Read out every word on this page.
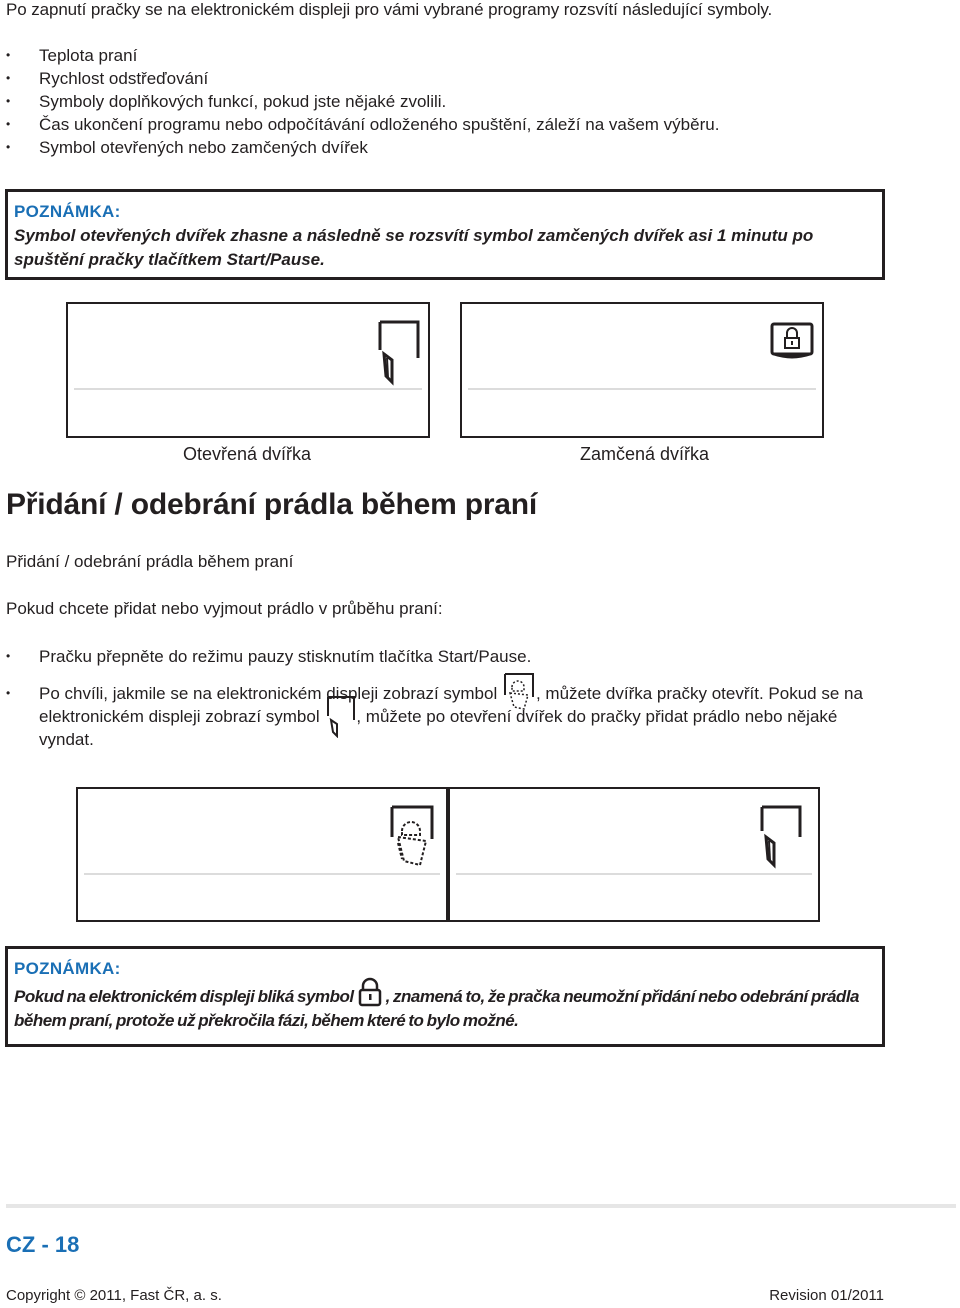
Po zapnutí pračky se na elektronickém displeji pro vámi vybrané programy rozsvítí následující symboly.
• Teplota praní
• Rychlost odstřeďování
• Symboly doplňkových funkcí, pokud jste nějaké zvolili.
• Čas ukončení programu nebo odpočítávání odloženého spuštění, záleží na vašem výběru.
• Symbol otevřených nebo zamčených dvířek
POZNÁMKA:
Symbol otevřených dvířek zhasne a následně se rozsvítí symbol zamčených dvířek asi 1 minutu po spuštění pračky tlačítkem Start/Pause.
Otevřená dvířka	Zamčená dvířka
Přidání / odebrání prádla během praní
Přidání / odebrání prádla během praní
Pokud chcete přidat nebo vyjmout prádlo v průběhu praní:
• Pračku přepněte do režimu pauzy stisknutím tlačítka Start/Pause.
• Po chvíli, jakmile se na elektronickém displeji zobrazí symbol , můžete dvířka pračky otevřít. Pokud se na elektronickém displeji zobrazí symbol , můžete po otevření dvířek do pračky přidat prádlo nebo nějaké vyndat.
POZNÁMKA:
Pokud na elektronickém displeji bliká symbol , znamená to, že pračka neumožní přidání nebo odebrání prádla během praní, protože už překročila fázi, během které to bylo možné.
CZ - 18
Copyright © 2011, Fast ČR, a. s.	Revision 01/2011
